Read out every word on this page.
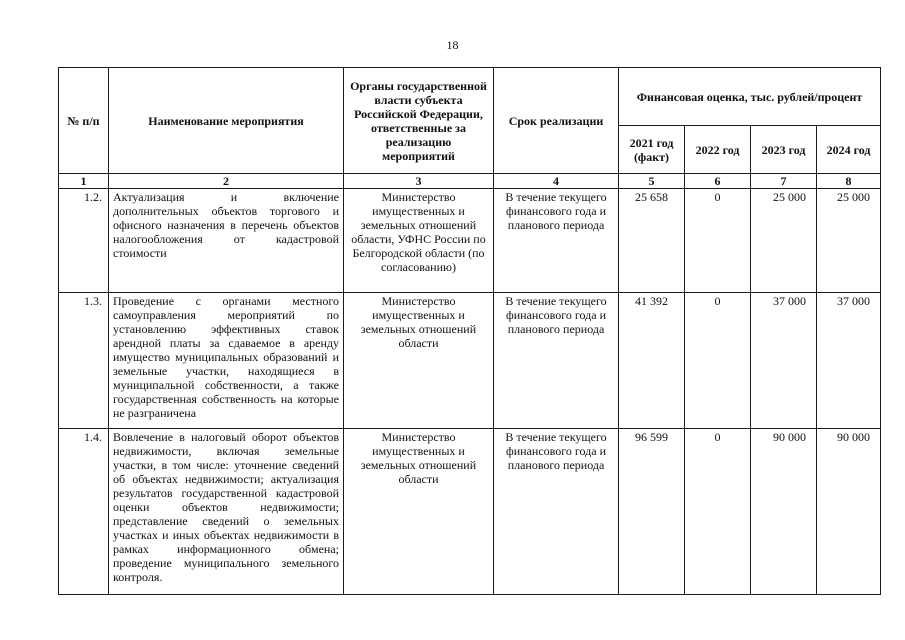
18
№ п/п	Наименование мероприятия	Органы государственной власти субъекта Российской Федерации, ответственные за реализацию мероприятий	Срок реализации	Финансовая оценка, тыс. рублей/процент			
				2021 год (факт)	2022 год	2023 год	2024 год
1	2	3	4	5	6	7	8
1.2.	Актуализация и включение дополнительных объектов торгового и офисного назначения в перечень объектов налогообложения от кадастровой стоимости	Министерство имущественных и земельных отношений области, УФНС России по Белгородской области (по согласованию)	В течение текущего финансового года и планового периода	25 658	0	25 000	25 000
1.3.	Проведение с органами местного самоуправления мероприятий по установлению эффективных ставок арендной платы за сдаваемое в аренду имущество муниципальных образований и земельные участки, находящиеся в муниципальной собственности, а также государственная собственность на которые не разграничена	Министерство имущественных и земельных отношений области	В течение текущего финансового года и планового периода	41 392	0	37 000	37 000
1.4.	Вовлечение в налоговый оборот объектов недвижимости, включая земельные участки, в том числе: уточнение сведений об объектах недвижимости; актуализация результатов государственной кадастровой оценки объектов недвижимости; представление сведений о земельных участках и иных объектах недвижимости в рамках информационного обмена; проведение муниципального земельного контроля.	Министерство имущественных и земельных отношений области	В течение текущего финансового года и планового периода	96 599	0	90 000	90 000
